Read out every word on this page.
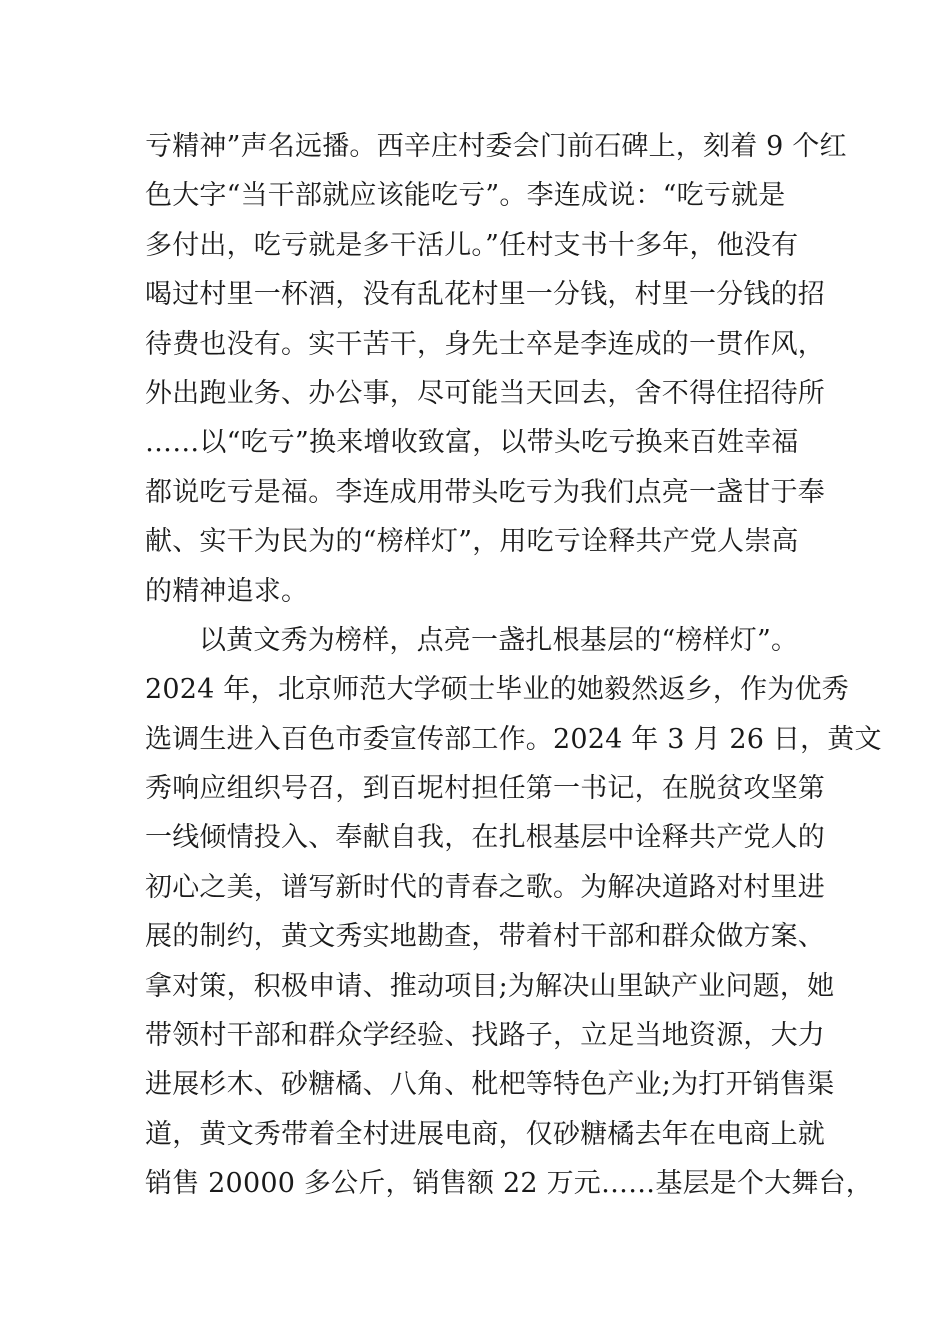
亏精神”声名远播。西辛庄村委会门前石碑上，刻着 9 个红
色大字“当干部就应该能吃亏”。李连成说：“吃亏就是
多付出，吃亏就是多干活儿。”任村支书十多年，他没有
喝过村里一杯酒，没有乱花村里一分钱，村里一分钱的招
待费也没有。实干苦干，身先士卒是李连成的一贯作风，
外出跑业务、办公事，尽可能当天回去，舍不得住招待所
……以“吃亏”换来增收致富，以带头吃亏换来百姓幸福
都说吃亏是福。李连成用带头吃亏为我们点亮一盏甘于奉
献、实干为民为的“榜样灯”，用吃亏诠释共产党人崇高
的精神追求。
以黄文秀为榜样，点亮一盏扎根基层的“榜样灯”。
2024 年，北京师范大学硕士毕业的她毅然返乡，作为优秀
选调生进入百色市委宣传部工作。2024 年 3 月 26 日，黄文
秀响应组织号召，到百坭村担任第一书记，在脱贫攻坚第
一线倾情投入、奉献自我，在扎根基层中诠释共产党人的
初心之美，谱写新时代的青春之歌。为解决道路对村里进
展的制约，黄文秀实地勘查，带着村干部和群众做方案、
拿对策，积极申请、推动项目;为解决山里缺产业问题，她
带领村干部和群众学经验、找路子，立足当地资源，大力
进展杉木、砂糖橘、八角、枇杷等特色产业;为打开销售渠
道，黄文秀带着全村进展电商，仅砂糖橘去年在电商上就
销售 20000 多公斤，销售额 22 万元……基层是个大舞台，
